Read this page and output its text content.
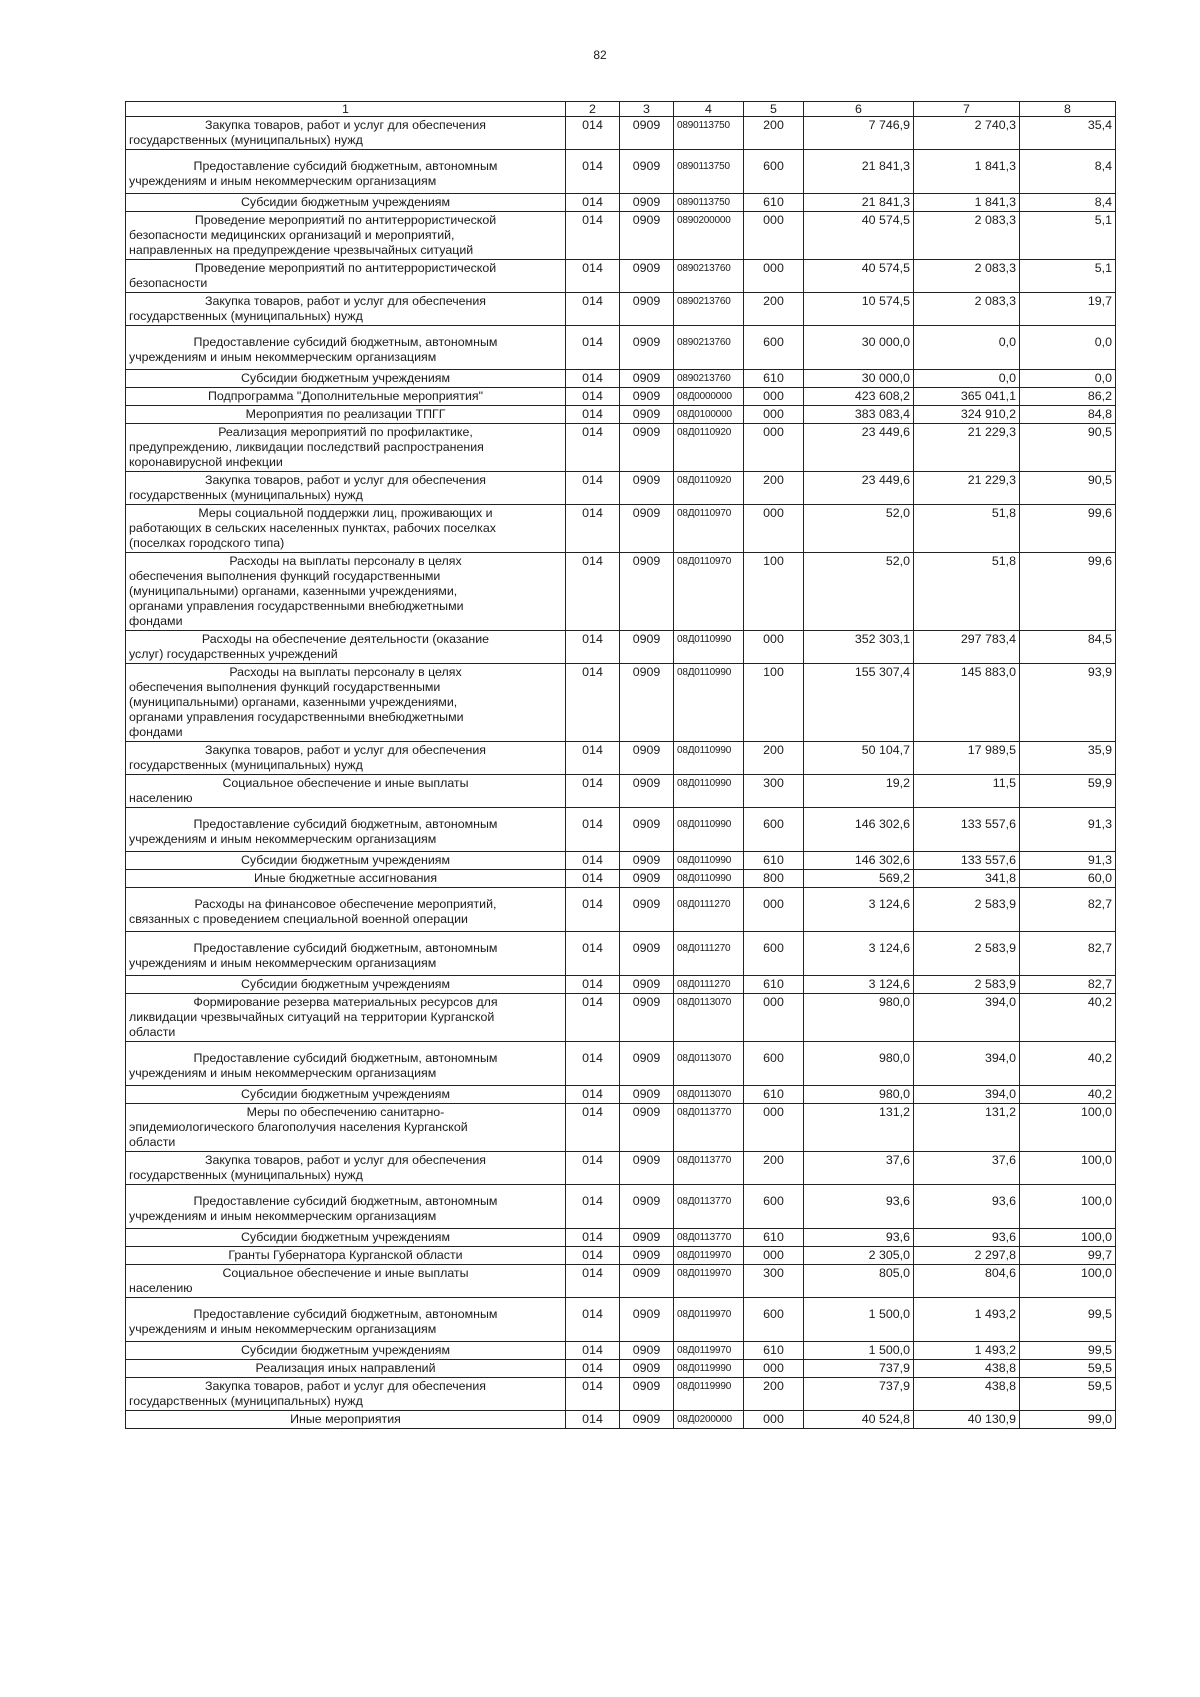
82
1	2	3	4	5	6	7	8

Закупка товаров, работ и услуг для обеспечения
государственных (муниципальных) нужд	014	0909	0890113750	200	7 746,9	2 740,3	35,4

Предоставление субсидий бюджетным, автономным
учреждениям и иным некоммерческим организациям	014	0909	0890113750	600	21 841,3	1 841,3	8,4

Субсидии бюджетным учреждениям	014	0909	0890113750	610	21 841,3	1 841,3	8,4

Проведение мероприятий по антитеррористической
безопасности медицинских организаций и мероприятий,
направленных на предупреждение чрезвычайных ситуаций	014	0909	0890200000	000	40 574,5	2 083,3	5,1

Проведение мероприятий по антитеррористической
безопасности	014	0909	0890213760	000	40 574,5	2 083,3	5,1

Закупка товаров, работ и услуг для обеспечения
государственных (муниципальных) нужд	014	0909	0890213760	200	10 574,5	2 083,3	19,7

Предоставление субсидий бюджетным, автономным
учреждениям и иным некоммерческим организациям	014	0909	0890213760	600	30 000,0	0,0	0,0

Субсидии бюджетным учреждениям	014	0909	0890213760	610	30 000,0	0,0	0,0

Подпрограмма "Дополнительные мероприятия"	014	0909	08Д0000000	000	423 608,2	365 041,1	86,2

Мероприятия по реализации ТПГГ	014	0909	08Д0100000	000	383 083,4	324 910,2	84,8

Реализация мероприятий по профилактике,
предупреждению, ликвидации последствий распространения
коронавирусной инфекции	014	0909	08Д0110920	000	23 449,6	21 229,3	90,5

Закупка товаров, работ и услуг для обеспечения
государственных (муниципальных) нужд	014	0909	08Д0110920	200	23 449,6	21 229,3	90,5

Меры социальной поддержки лиц, проживающих и
работающих в сельских населенных пунктах, рабочих поселках
(поселках городского типа)	014	0909	08Д0110970	000	52,0	51,8	99,6

Расходы на выплаты персоналу в целях
обеспечения выполнения функций государственными
(муниципальными) органами, казенными учреждениями,
органами управления государственными внебюджетными
фондами	014	0909	08Д0110970	100	52,0	51,8	99,6

Расходы на обеспечение деятельности (оказание
услуг) государственных учреждений	014	0909	08Д0110990	000	352 303,1	297 783,4	84,5

Расходы на выплаты персоналу в целях
обеспечения выполнения функций государственными
(муниципальными) органами, казенными учреждениями,
органами управления государственными внебюджетными
фондами	014	0909	08Д0110990	100	155 307,4	145 883,0	93,9

Закупка товаров, работ и услуг для обеспечения
государственных (муниципальных) нужд	014	0909	08Д0110990	200	50 104,7	17 989,5	35,9

Социальное обеспечение и иные выплаты
населению	014	0909	08Д0110990	300	19,2	11,5	59,9

Предоставление субсидий бюджетным, автономным
учреждениям и иным некоммерческим организациям	014	0909	08Д0110990	600	146 302,6	133 557,6	91,3

Субсидии бюджетным учреждениям	014	0909	08Д0110990	610	146 302,6	133 557,6	91,3

Иные бюджетные ассигнования	014	0909	08Д0110990	800	569,2	341,8	60,0

Расходы на финансовое обеспечение мероприятий,
связанных с проведением специальной военной операции	014	0909	08Д0111270	000	3 124,6	2 583,9	82,7

Предоставление субсидий бюджетным, автономным
учреждениям и иным некоммерческим организациям	014	0909	08Д0111270	600	3 124,6	2 583,9	82,7

Субсидии бюджетным учреждениям	014	0909	08Д0111270	610	3 124,6	2 583,9	82,7

Формирование резерва материальных ресурсов для
ликвидации чрезвычайных ситуаций на территории Курганской
области	014	0909	08Д0113070	000	980,0	394,0	40,2

Предоставление субсидий бюджетным, автономным
учреждениям и иным некоммерческим организациям	014	0909	08Д0113070	600	980,0	394,0	40,2

Субсидии бюджетным учреждениям	014	0909	08Д0113070	610	980,0	394,0	40,2

Меры по обеспечению санитарно-
эпидемиологического благополучия населения Курганской
области	014	0909	08Д0113770	000	131,2	131,2	100,0

Закупка товаров, работ и услуг для обеспечения
государственных (муниципальных) нужд	014	0909	08Д0113770	200	37,6	37,6	100,0

Предоставление субсидий бюджетным, автономным
учреждениям и иным некоммерческим организациям	014	0909	08Д0113770	600	93,6	93,6	100,0

Субсидии бюджетным учреждениям	014	0909	08Д0113770	610	93,6	93,6	100,0

Гранты Губернатора Курганской области	014	0909	08Д0119970	000	2 305,0	2 297,8	99,7

Социальное обеспечение и иные выплаты
населению	014	0909	08Д0119970	300	805,0	804,6	100,0

Предоставление субсидий бюджетным, автономным
учреждениям и иным некоммерческим организациям	014	0909	08Д0119970	600	1 500,0	1 493,2	99,5

Субсидии бюджетным учреждениям	014	0909	08Д0119970	610	1 500,0	1 493,2	99,5

Реализация иных направлений	014	0909	08Д0119990	000	737,9	438,8	59,5

Закупка товаров, работ и услуг для обеспечения
государственных (муниципальных) нужд	014	0909	08Д0119990	200	737,9	438,8	59,5

Иные мероприятия	014	0909	08Д0200000	000	40 524,8	40 130,9	99,0
